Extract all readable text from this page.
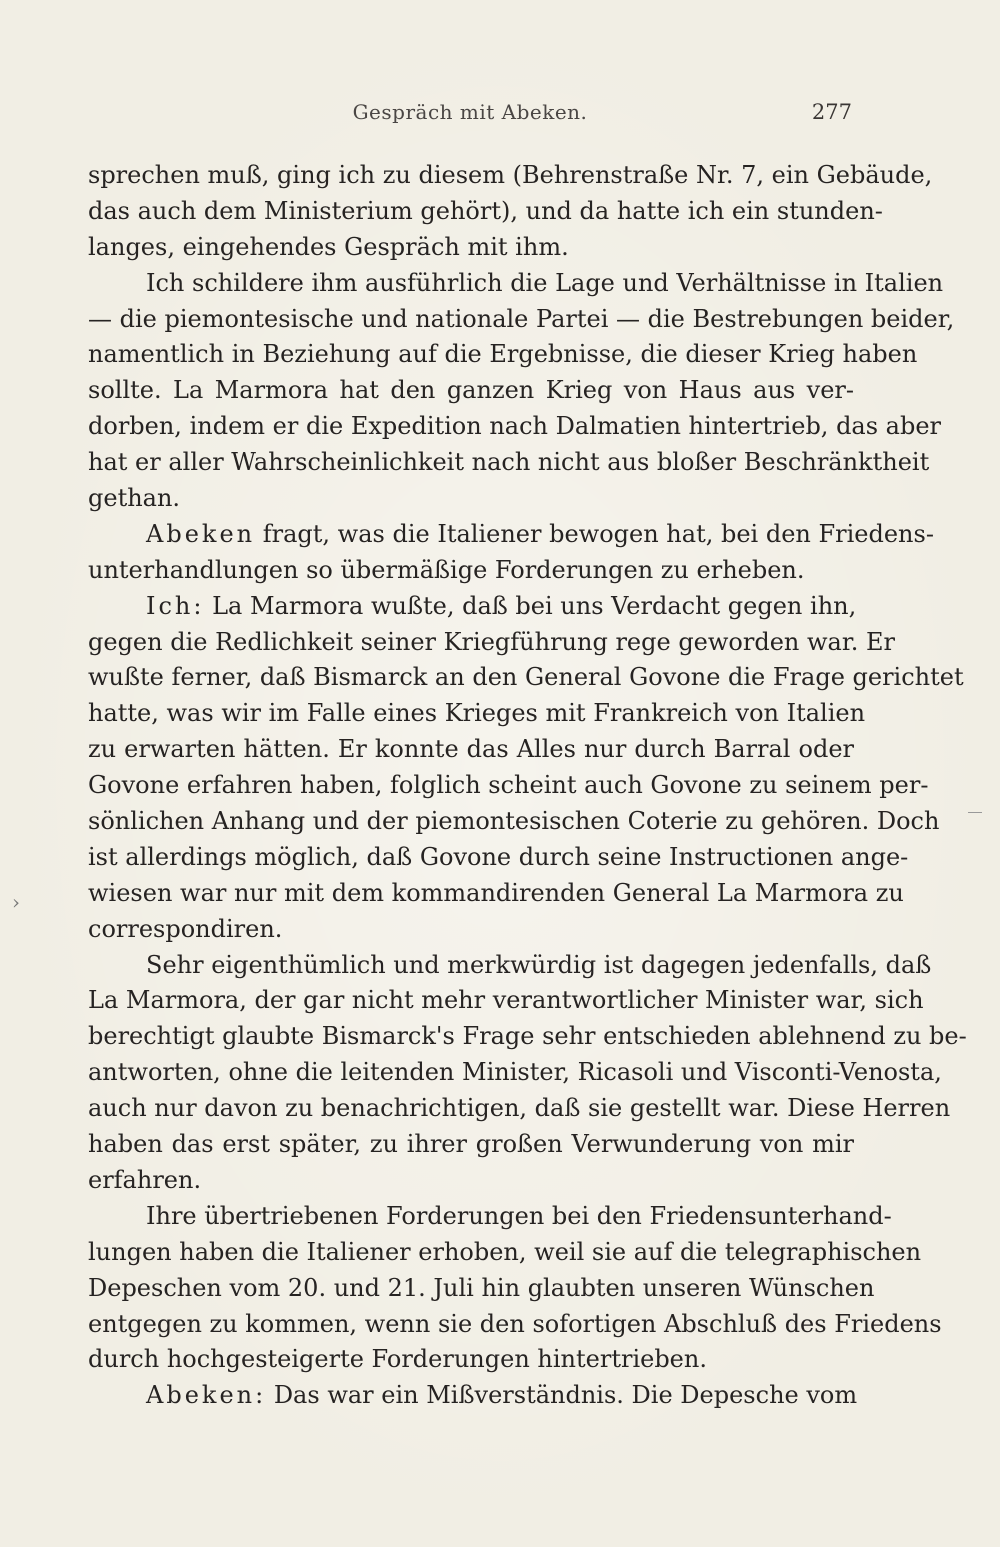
Gespräch mit Abeken.	277
sprechen muß, ging ich zu diesem (Behrenstraße Nr. 7, ein Gebäude,
das auch dem Ministerium gehört), und da hatte ich ein stunden-
langes, eingehendes Gespräch mit ihm.
Ich schildere ihm ausführlich die Lage und Verhältnisse in Italien
— die piemontesische und nationale Partei — die Bestrebungen beider,
namentlich in Beziehung auf die Ergebnisse, die dieser Krieg haben
sollte. La Marmora hat den ganzen Krieg von Haus aus ver-
dorben, indem er die Expedition nach Dalmatien hintertrieb, das aber
hat er aller Wahrscheinlichkeit nach nicht aus bloßer Beschränktheit
gethan.
Abeken fragt, was die Italiener bewogen hat, bei den Friedens-
unterhandlungen so übermäßige Forderungen zu erheben.
Ich: La Marmora wußte, daß bei uns Verdacht gegen ihn,
gegen die Redlichkeit seiner Kriegführung rege geworden war. Er
wußte ferner, daß Bismarck an den General Govone die Frage gerichtet
hatte, was wir im Falle eines Krieges mit Frankreich von Italien
zu erwarten hätten. Er konnte das Alles nur durch Barral oder
Govone erfahren haben, folglich scheint auch Govone zu seinem per-
sönlichen Anhang und der piemontesischen Coterie zu gehören. Doch
ist allerdings möglich, daß Govone durch seine Instructionen ange-
wiesen war nur mit dem kommandirenden General La Marmora zu
correspondiren.
Sehr eigenthümlich und merkwürdig ist dagegen jedenfalls, daß
La Marmora, der gar nicht mehr verantwortlicher Minister war, sich
berechtigt glaubte Bismarck's Frage sehr entschieden ablehnend zu be-
antworten, ohne die leitenden Minister, Ricasoli und Visconti-Venosta,
auch nur davon zu benachrichtigen, daß sie gestellt war. Diese Herren
haben das erst später, zu ihrer großen Verwunderung von mir
erfahren.
Ihre übertriebenen Forderungen bei den Friedensunterhand-
lungen haben die Italiener erhoben, weil sie auf die telegraphischen
Depeschen vom 20. und 21. Juli hin glaubten unseren Wünschen
entgegen zu kommen, wenn sie den sofortigen Abschluß des Friedens
durch hochgesteigerte Forderungen hintertrieben.
Abeken: Das war ein Mißverständnis. Die Depesche vom
›
